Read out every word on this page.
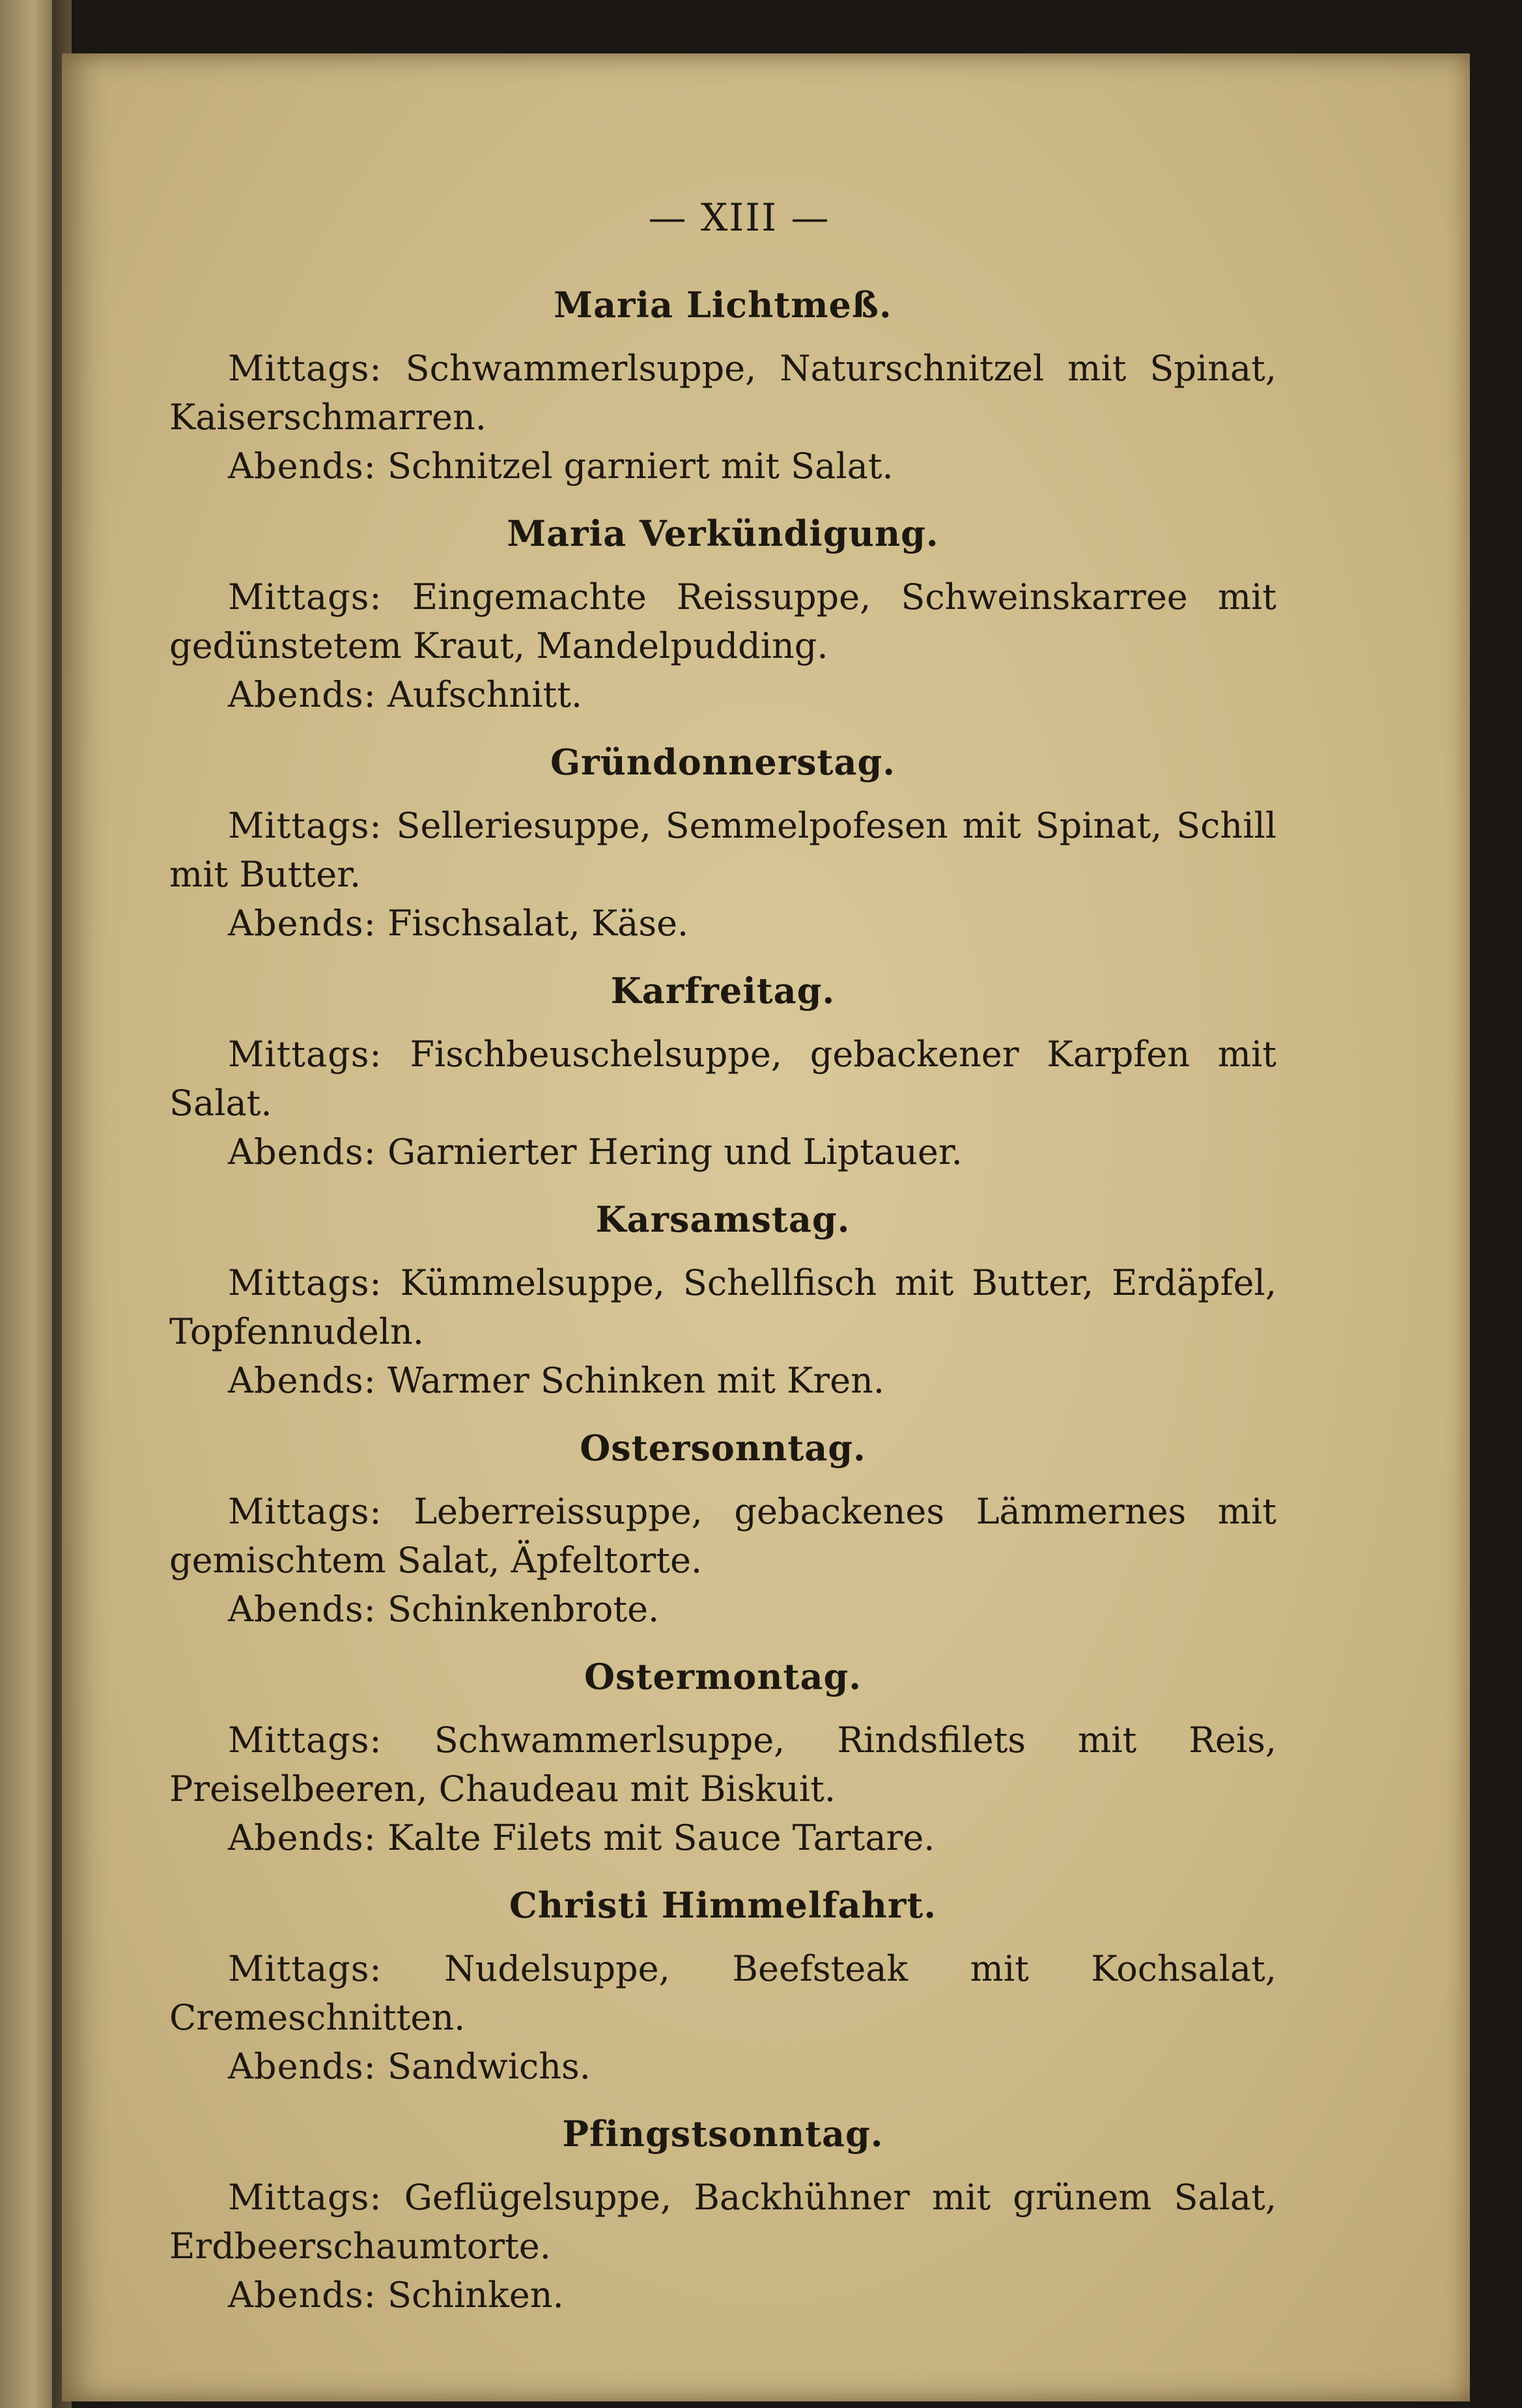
— XIII —
Maria Lichtmeß.

Mittags: Schwammerlsuppe, Naturschnitzel mit Spinat, Kaiserschmarren.

Abends: Schnitzel garniert mit Salat.

Maria Verkündigung.

Mittags: Eingemachte Reissuppe, Schweinskarree mit gedünstetem Kraut, Mandelpudding.

Abends: Aufschnitt.

Gründonnerstag.

Mittags: Selleriesuppe, Semmelpofesen mit Spinat, Schill mit Butter.

Abends: Fischsalat, Käse.

Karfreitag.

Mittags: Fischbeuschelsuppe, gebackener Karpfen mit Salat.

Abends: Garnierter Hering und Liptauer.

Karsamstag.

Mittags: Kümmelsuppe, Schellfisch mit Butter, Erdäpfel, Topfennudeln.

Abends: Warmer Schinken mit Kren.

Ostersonntag.

Mittags: Leberreissuppe, gebackenes Lämmernes mit gemischtem Salat, Äpfeltorte.

Abends: Schinkenbrote.

Ostermontag.

Mittags: Schwammerlsuppe, Rindsfilets mit Reis, Preiselbeeren, Chaudeau mit Biskuit.

Abends: Kalte Filets mit Sauce Tartare.

Christi Himmelfahrt.

Mittags: Nudelsuppe, Beefsteak mit Kochsalat, Cremeschnitten.

Abends: Sandwichs.

Pfingstsonntag.

Mittags: Geflügelsuppe, Backhühner mit grünem Salat, Erdbeerschaumtorte.

Abends: Schinken.
